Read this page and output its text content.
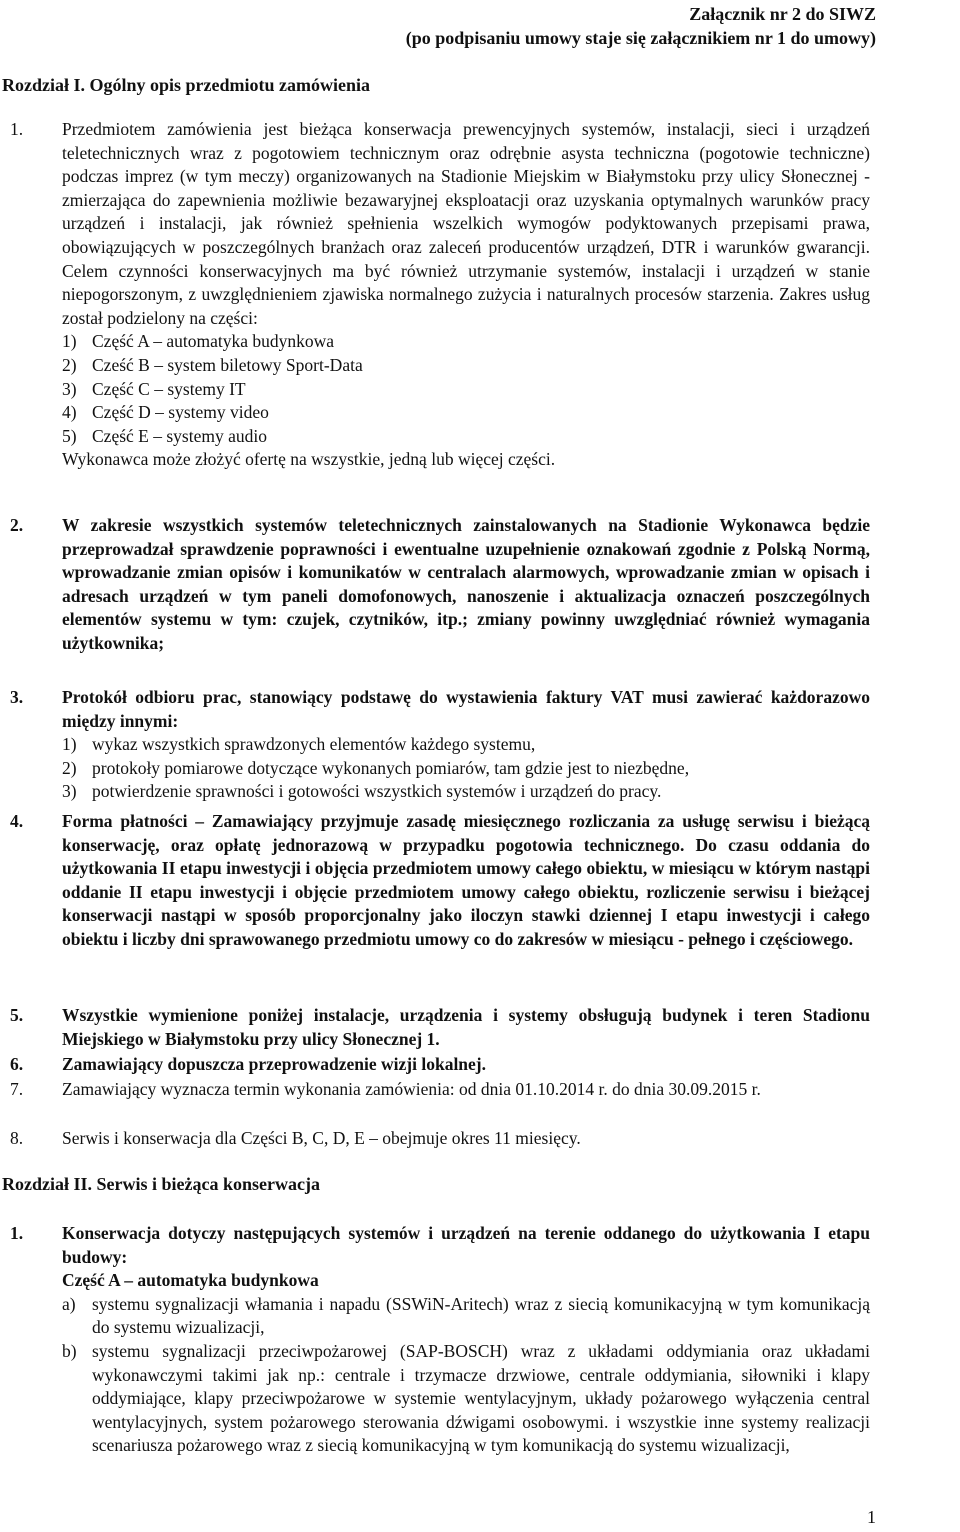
Załącznik nr 2 do SIWZ
(po podpisaniu umowy staje się załącznikiem nr 1 do umowy)
Rozdział I. Ogólny opis przedmiotu zamówienia
1.	Przedmiotem zamówienia jest bieżąca konserwacja prewencyjnych systemów, instalacji, sieci i urządzeń teletechnicznych wraz z pogotowiem technicznym oraz odrębnie asysta techniczna (pogotowie techniczne) podczas imprez (w tym meczy) organizowanych na Stadionie Miejskim w Białymstoku przy ulicy Słonecznej - zmierzająca do zapewnienia możliwie bezawaryjnej eksploatacji oraz uzyskania optymalnych warunków pracy urządzeń i instalacji, jak również spełnienia wszelkich wymogów podyktowanych przepisami prawa, obowiązujących w poszczególnych branżach oraz zaleceń producentów urządzeń, DTR i warunków gwarancji. Celem czynności konserwacyjnych ma być również utrzymanie systemów, instalacji i urządzeń w stanie niepogorszonym, z uwzględnieniem zjawiska normalnego zużycia i naturalnych procesów starzenia. Zakres usług został podzielony na części:
1) Część A – automatyka budynkowa
2) Cześć B – system biletowy Sport-Data
3) Część C – systemy IT
4) Część D – systemy video
5) Część E – systemy audio
Wykonawca może złożyć ofertę na wszystkie, jedną lub więcej części.
2.	W zakresie wszystkich systemów teletechnicznych zainstalowanych na Stadionie Wykonawca będzie przeprowadzał sprawdzenie poprawności i ewentualne uzupełnienie oznakowań zgodnie z Polską Normą, wprowadzanie zmian opisów i komunikatów w centralach alarmowych, wprowadzanie zmian w opisach i adresach urządzeń w tym paneli domofonowych, nanoszenie i aktualizacja oznaczeń poszczególnych elementów systemu w tym: czujek, czytników, itp.; zmiany powinny uwzględniać również wymagania użytkownika;
3.	Protokół odbioru prac, stanowiący podstawę do wystawienia faktury VAT musi zawierać każdorazowo między innymi:
1) wykaz wszystkich sprawdzonych elementów każdego systemu,
2) protokoły pomiarowe dotyczące wykonanych pomiarów, tam gdzie jest to niezbędne,
3) potwierdzenie sprawności i gotowości wszystkich systemów i urządzeń do pracy.
4.	Forma płatności – Zamawiający przyjmuje zasadę miesięcznego rozliczania za usługę serwisu i bieżącą konserwację, oraz opłatę jednorazową w przypadku pogotowia technicznego. Do czasu oddania do użytkowania II etapu inwestycji i objęcia przedmiotem umowy całego obiektu, w miesiącu w którym nastąpi oddanie II etapu inwestycji i objęcie przedmiotem umowy całego obiektu, rozliczenie serwisu i bieżącej konserwacji nastąpi w sposób proporcjonalny jako iloczyn stawki dziennej I etapu inwestycji i całego obiektu i liczby dni sprawowanego przedmiotu umowy co do zakresów w miesiącu - pełnego i częściowego.
5.	Wszystkie wymienione poniżej instalacje, urządzenia i systemy obsługują budynek i teren Stadionu Miejskiego w Białymstoku przy ulicy Słonecznej 1.
6.	Zamawiający dopuszcza przeprowadzenie wizji lokalnej.
7.	Zamawiający wyznacza termin wykonania zamówienia: od dnia 01.10.2014 r. do dnia 30.09.2015 r.
8.	Serwis i konserwacja dla Części B, C, D, E – obejmuje okres 11 miesięcy.
Rozdział II. Serwis i bieżąca konserwacja
1.	Konserwacja dotyczy następujących systemów i urządzeń na terenie oddanego do użytkowania I etapu budowy:
Część A – automatyka budynkowa
a) systemu sygnalizacji włamania i napadu (SSWiN-Aritech) wraz z siecią komunikacyjną w tym komunikacją do systemu wizualizacji,
b) systemu sygnalizacji przeciwpożarowej (SAP-BOSCH) wraz z układami oddymiania oraz układami wykonawczymi takimi jak np.: centrale i trzymacze drzwiowe, centrale oddymiania, siłowniki i klapy oddymiające, klapy przeciwpożarowe w systemie wentylacyjnym, układy pożarowego wyłączenia central wentylacyjnych, system pożarowego sterowania dźwigami osobowymi. i wszystkie inne systemy realizacji scenariusza pożarowego wraz z siecią komunikacyjną w tym komunikacją do systemu wizualizacji,
1
